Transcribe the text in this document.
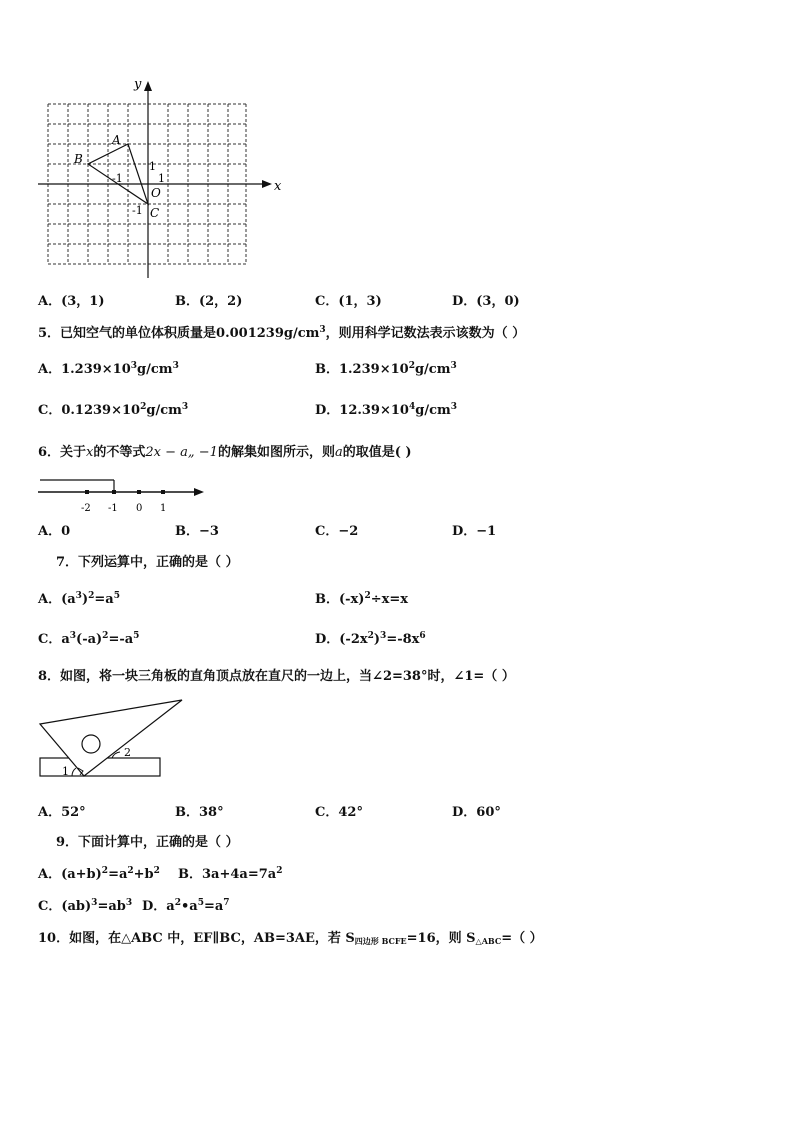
y
x
A
B
C
O
-1	1
1
-1
A．(3，1)	B．(2，2)	C．(1，3)	D．(3，0)
5．已知空气的单位体积质量是$0.001239g/cm^3$，则用科学记数法表示该数为（ ）
A．$1.239\times 10^3g/cm^3$	B．$1.239\times 10^2g/cm^3$
C．$0.1239\times 10^2g/cm^3$	D．$12.39\times 10^4g/cm^3$
6．关于x的不等式2x − a„ −1的解集如图所示，则a的取值是( )
-2 -1 0 1
A．0	B．−3	C．−2	D．−1
7．下列运算中，正确的是（ ）
A．$(a^3)^2=a^5$	B．$(-x)^2\div x=x$
C．$a^3(-a)^2=-a^5$	D．$(-2x^2)^3=-8x^6$
8．如图，将一块三角板的直角顶点放在直尺的一边上，当∠2=38°时，∠1=（ ）
1
2
A．52°	B．38°	C．42°	D．60°
9．下面计算中，正确的是（ ）
A．$(a+b)^2=a^2+b^2$ B．$3a+4a=7a^2$
C．$(ab)^3=ab^3$ D．$a^2•a^5=a^7$
10．如图，在△ABC 中，EF∥BC，AB=3AE，若 $S_{四边形 BCFE}=16$，则 $S_{\triangle ABC}=$（ ）
